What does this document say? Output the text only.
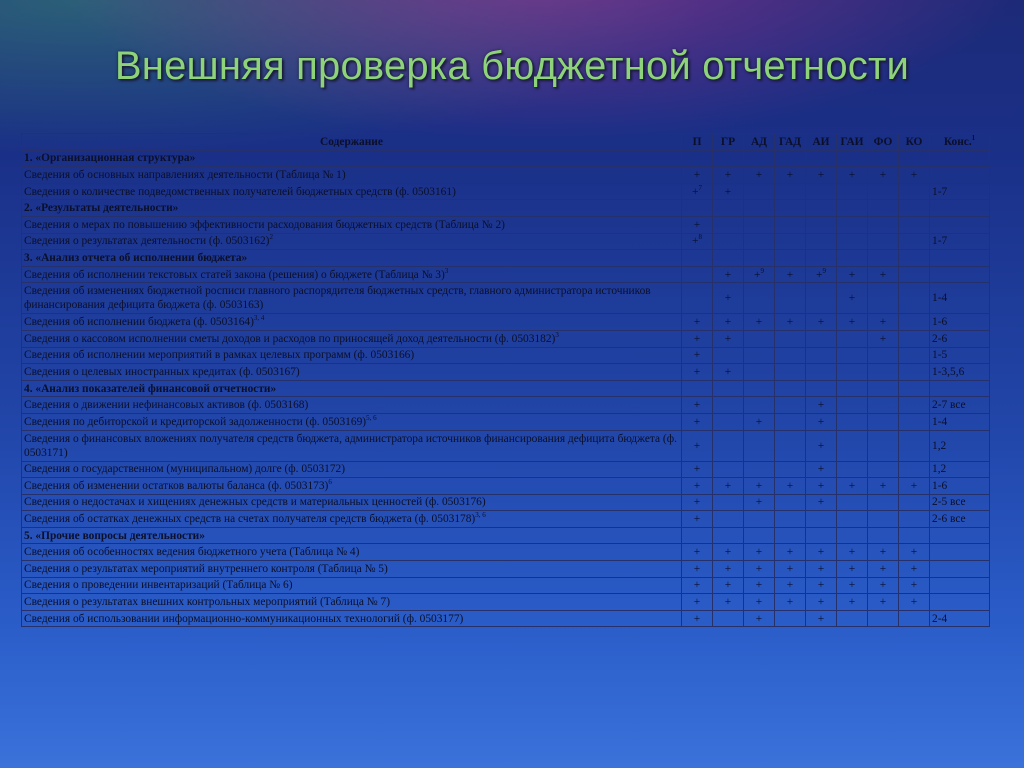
Внешняя проверка бюджетной отчетности
Содержание	П	ГР	АД	ГАД	АИ	ГАИ	ФО	КО	Конс.$^1$
1. «Организационная структура»									
Сведения об основных направлениях деятельности (Таблица № 1)	+	+	+	+	+	+	+	+	
Сведения о количестве подведомственных получателей бюджетных средств (ф. 0503161)	+$^7$	+							1-7
2. «Результаты деятельности»									
Сведения о мерах по повышению эффективности расходования бюджетных средств (Таблица № 2)	+								
Сведения о результатах деятельности (ф. 0503162)$^2$	+$^8$								1-7
3. «Анализ отчета об исполнении бюджета»									
Сведения об исполнении текстовых статей закона (решения) о бюджете (Таблица № 3)$^3$		+	+$^9$	+	+$^9$	+	+		
Сведения об изменениях бюджетной росписи главного распорядителя бюджетных средств, главного администратора источников финансирования дефицита бюджета (ф. 0503163)		+				+			1-4
Сведения об исполнении бюджета (ф. 0503164)$^{3, 4}$	+	+	+	+	+	+	+		1-6
Сведения о кассовом исполнении сметы доходов и расходов по приносящей доход деятельности (ф. 0503182)$^3$	+	+					+		2-6
Сведения об исполнении мероприятий в рамках целевых программ (ф. 0503166)	+								1-5
Сведения о целевых иностранных кредитах (ф. 0503167)	+	+							1-3,5,6
4. «Анализ показателей финансовой отчетности»									
Сведения о движении нефинансовых активов (ф. 0503168)	+				+				2-7 все
Сведения по дебиторской и кредиторской задолженности (ф. 0503169)$^{5, 6}$	+		+		+				1-4
Сведения о финансовых вложениях получателя средств бюджета, администратора источников финансирования дефицита бюджета (ф. 0503171)	+				+				1,2
Сведения о государственном (муниципальном) долге (ф. 0503172)	+				+				1,2
Сведения об изменении остатков валюты баланса (ф. 0503173)$^6$	+	+	+	+	+	+	+	+	1-6
Сведения о недостачах и хищениях денежных средств и материальных ценностей (ф. 0503176)	+		+		+				2-5 все
Сведения об остатках денежных средств на счетах получателя средств бюджета (ф. 0503178)$^{3, 6}$	+								2-6 все
5. «Прочие вопросы деятельности»									
Сведения об особенностях ведения бюджетного учета (Таблица № 4)	+	+	+	+	+	+	+	+	
Сведения о результатах мероприятий внутреннего контроля (Таблица № 5)	+	+	+	+	+	+	+	+	
Сведения о проведении инвентаризаций (Таблица № 6)	+	+	+	+	+	+	+	+	
Сведения о результатах внешних контрольных мероприятий (Таблица № 7)	+	+	+	+	+	+	+	+	
Сведения об использовании информационно-коммуникационных технологий (ф. 0503177)	+		+		+				2-4
